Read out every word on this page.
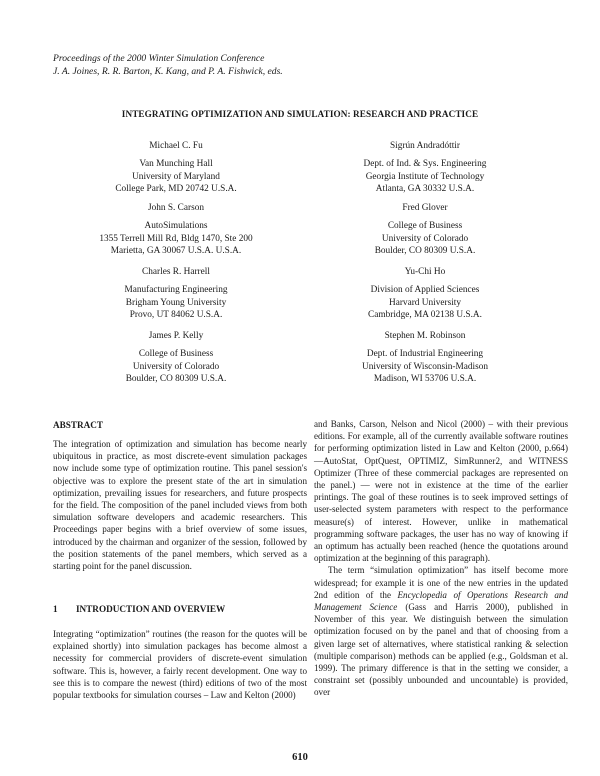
Proceedings of the 2000 Winter Simulation Conference
J. A. Joines, R. R. Barton, K. Kang, and P. A. Fishwick, eds.
INTEGRATING OPTIMIZATION AND SIMULATION: RESEARCH AND PRACTICE
Michael C. Fu
Van Munching Hall
University of Maryland
College Park, MD 20742 U.S.A.
John S. Carson
AutoSimulations
1355 Terrell Mill Rd, Bldg 1470, Ste 200
Marietta, GA 30067 U.S.A. U.S.A.
Charles R. Harrell
Manufacturing Engineering
Brigham Young University
Provo, UT 84062 U.S.A.
James P. Kelly
College of Business
University of Colorado
Boulder, CO 80309 U.S.A.
Sigrún Andradóttir
Dept. of Ind. & Sys. Engineering
Georgia Institute of Technology
Atlanta, GA 30332 U.S.A.
Fred Glover
College of Business
University of Colorado
Boulder, CO 80309 U.S.A.
Yu-Chi Ho
Division of Applied Sciences
Harvard University
Cambridge, MA 02138 U.S.A.
Stephen M. Robinson
Dept. of Industrial Engineering
University of Wisconsin-Madison
Madison, WI 53706 U.S.A.
ABSTRACT

The integration of optimization and simulation has become nearly ubiquitous in practice, as most discrete-event simulation packages now include some type of optimization routine. This panel session's objective was to explore the present state of the art in simulation optimization, prevailing issues for researchers, and future prospects for the field. The composition of the panel included views from both simulation software developers and academic researchers. This Proceedings paper begins with a brief overview of some issues, introduced by the chairman and organizer of the session, followed by the position statements of the panel members, which served as a starting point for the panel discussion.

1  INTRODUCTION AND OVERVIEW

Integrating “optimization” routines (the reason for the quotes will be explained shortly) into simulation packages has become almost a necessity for commercial providers of discrete-event simulation software. This is, however, a fairly recent development. One way to see this is to compare the newest (third) editions of two of the most popular textbooks for simulation courses – Law and Kelton (2000)

and Banks, Carson, Nelson and Nicol (2000) – with their previous editions. For example, all of the currently available software routines for performing optimization listed in Law and Kelton (2000, p.664) —AutoStat, OptQuest, OPTIMIZ, SimRunner2, and WITNESS Optimizer (Three of these commercial packages are represented on the panel.) — were not in existence at the time of the earlier printings. The goal of these routines is to seek improved settings of user-selected system parameters with respect to the performance measure(s) of interest. However, unlike in mathematical programming software packages, the user has no way of knowing if an optimum has actually been reached (hence the quotations around optimization at the beginning of this paragraph).

The term “simulation optimization” has itself become more widespread; for example it is one of the new entries in the updated 2nd edition of the Encyclopedia of Operations Research and Management Science (Gass and Harris 2000), published in November of this year. We distinguish between the simulation optimization focused on by the panel and that of choosing from a given large set of alternatives, where statistical ranking & selection (multiple comparison) methods can be applied (e.g., Goldsman et al. 1999). The primary difference is that in the setting we consider, a constraint set (possibly unbounded and uncountable) is provided, over

610
